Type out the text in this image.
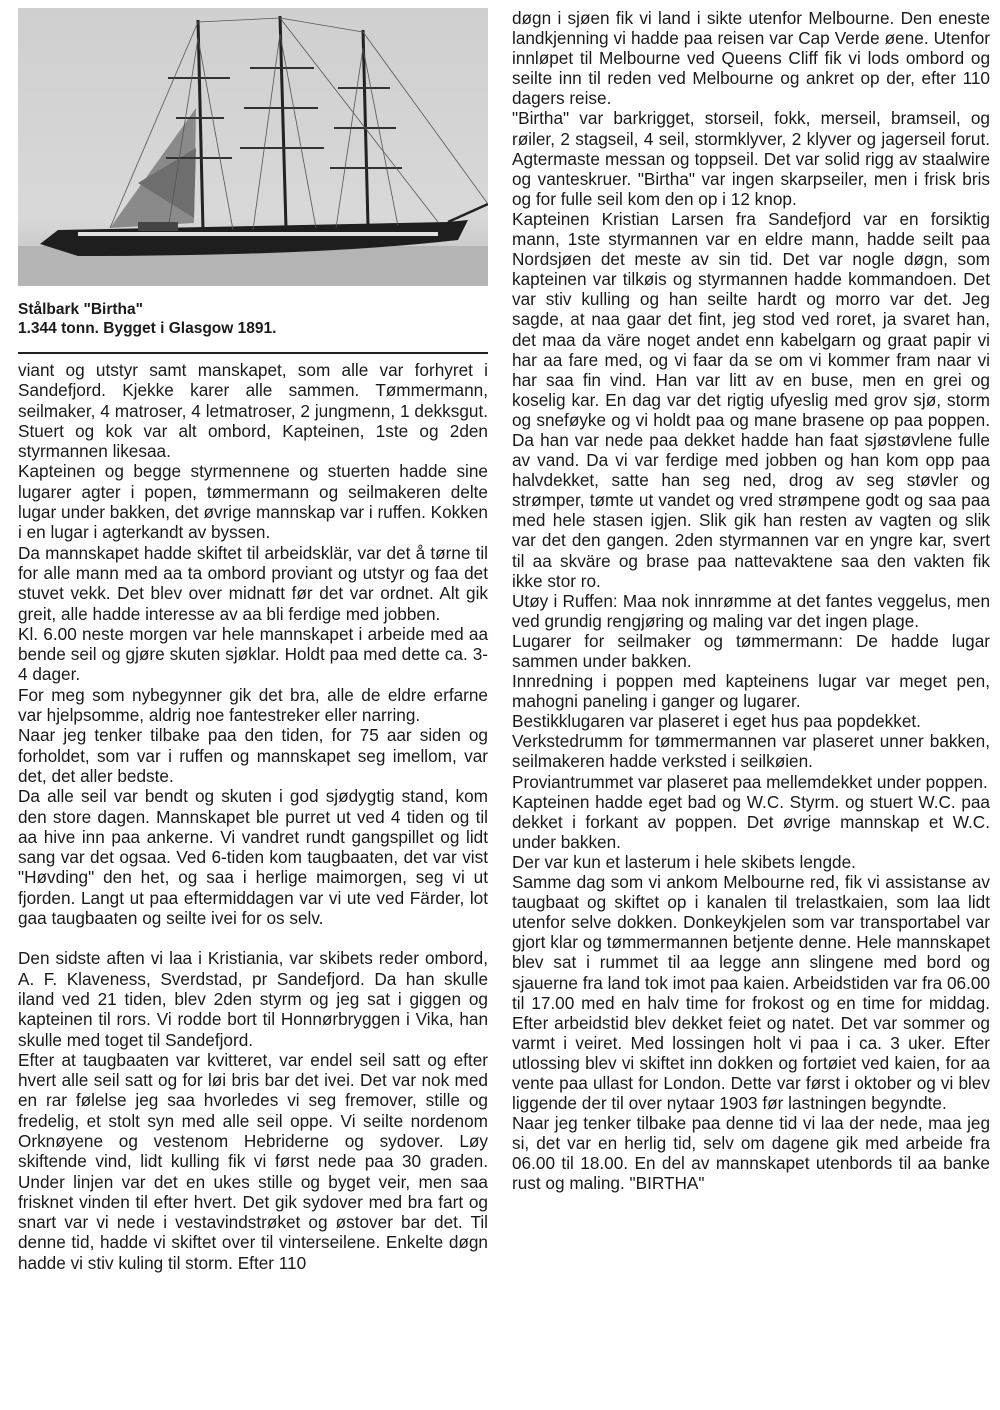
Stålbark "Birtha"
1.344 tonn. Bygget i Glasgow 1891.

viant og utstyr samt manskapet, som alle var forhyret i Sandefjord. Kjekke karer alle sammen. Tømmermann, seilmaker, 4 matroser, 4 letmatroser, 2 jungmenn, 1 dekksgut. Stuert og kok var alt ombord, Kapteinen, 1ste og 2den styrmannen likesaa.

Kapteinen og begge styrmennene og stuerten hadde sine lugarer agter i popen, tømmermann og seilmakeren delte lugar under bakken, det øvrige mannskap var i ruffen. Kokken i en lugar i agterkandt av byssen.

Da mannskapet hadde skiftet til arbeidsklär, var det å tørne til for alle mann med aa ta ombord proviant og utstyr og faa det stuvet vekk. Det blev over midnatt før det var ordnet. Alt gik greit, alle hadde interesse av aa bli ferdige med jobben.

Kl. 6.00 neste morgen var hele mannskapet i arbeide med aa bende seil og gjøre skuten sjøklar. Holdt paa med dette ca. 3-4 dager.

For meg som nybegynner gik det bra, alle de eldre erfarne var hjelpsomme, aldrig noe fantestreker eller narring.

Naar jeg tenker tilbake paa den tiden, for 75 aar siden og forholdet, som var i ruffen og mannskapet seg imellom, var det, det aller bedste.

Da alle seil var bendt og skuten i god sjødygtig stand, kom den store dagen. Mannskapet ble purret ut ved 4 tiden og til aa hive inn paa ankerne. Vi vandret rundt gangspillet og lidt sang var det ogsaa. Ved 6-tiden kom taugbaaten, det var vist "Høvding" den het, og saa i herlige maimorgen, seg vi ut fjorden. Langt ut paa eftermiddagen var vi ute ved Färder, lot gaa taugbaaten og seilte ivei for os selv.

Den sidste aften vi laa i Kristiania, var skibets reder ombord, A. F. Klaveness, Sverdstad, pr Sandefjord. Da han skulle iland ved 21 tiden, blev 2den styrm og jeg sat i giggen og kapteinen til rors. Vi rodde bort til Honnørbryggen i Vika, han skulle med toget til Sandefjord.

Efter at taugbaaten var kvitteret, var endel seil satt og efter hvert alle seil satt og for løi bris bar det ivei. Det var nok med en rar følelse jeg saa hvorledes vi seg fremover, stille og fredelig, et stolt syn med alle seil oppe. Vi seilte nordenom Orknøyene og vestenom Hebriderne og sydover. Løy skiftende vind, lidt kulling fik vi først nede paa 30 graden. Under linjen var det en ukes stille og byget veir, men saa frisknet vinden til efter hvert. Det gik sydover med bra fart og snart var vi nede i vestavindstrøket og østover bar det. Til denne tid, hadde vi skiftet over til vinterseilene. Enkelte døgn hadde vi stiv kuling til storm. Efter 110

døgn i sjøen fik vi land i sikte utenfor Melbourne. Den eneste landkjenning vi hadde paa reisen var Cap Verde øene. Utenfor innløpet til Melbourne ved Queens Cliff fik vi lods ombord og seilte inn til reden ved Melbourne og ankret op der, efter 110 dagers reise.

"Birtha" var barkrigget, storseil, fokk, merseil, bramseil, og røiler, 2 stagseil, 4 seil, stormklyver, 2 klyver og jagerseil forut. Agtermaste messan og toppseil. Det var solid rigg av staalwire og vanteskruer. "Birtha" var ingen skarpseiler, men i frisk bris og for fulle seil kom den op i 12 knop.

Kapteinen Kristian Larsen fra Sandefjord var en forsiktig mann, 1ste styrmannen var en eldre mann, hadde seilt paa Nordsjøen det meste av sin tid. Det var nogle døgn, som kapteinen var tilkøis og styrmannen hadde kommandoen. Det var stiv kulling og han seilte hardt og morro var det. Jeg sagde, at naa gaar det fint, jeg stod ved roret, ja svaret han, det maa da väre noget andet enn kabelgarn og graat papir vi har aa fare med, og vi faar da se om vi kommer fram naar vi har saa fin vind. Han var litt av en buse, men en grei og koselig kar. En dag var det rigtig ufyeslig med grov sjø, storm og sneføyke og vi holdt paa og mane brasene op paa poppen. Da han var nede paa dekket hadde han faat sjøstøvlene fulle av vand. Da vi var ferdige med jobben og han kom opp paa halvdekket, satte han seg ned, drog av seg støvler og strømper, tømte ut vandet og vred strømpene godt og saa paa med hele stasen igjen. Slik gik han resten av vagten og slik var det den gangen. 2den styrmannen var en yngre kar, svert til aa skväre og brase paa nattevaktene saa den vakten fik ikke stor ro.

Utøy i Ruffen: Maa nok innrømme at det fantes veggelus, men ved grundig rengjøring og maling var det ingen plage.

Lugarer for seilmaker og tømmermann: De hadde lugar sammen under bakken.

Innredning i poppen med kapteinens lugar var meget pen, mahogni paneling i ganger og lugarer.

Bestikklugaren var plaseret i eget hus paa popdekket.

Verkstedrumm for tømmermannen var plaseret unner bakken, seilmakeren hadde verksted i seilkøien.

Proviantrummet var plaseret paa mellemdekket under poppen.

Kapteinen hadde eget bad og W.C. Styrm. og stuert W.C. paa dekket i forkant av poppen. Det øvrige mannskap et W.C. under bakken.

Der var kun et lasterum i hele skibets lengde.

Samme dag som vi ankom Melbourne red, fik vi assistanse av taugbaat og skiftet op i kanalen til trelastkaien, som laa lidt utenfor selve dokken. Donkeykjelen som var transportabel var gjort klar og tømmermannen betjente denne. Hele mannskapet blev sat i rummet til aa legge ann slingene med bord og sjauerne fra land tok imot paa kaien. Arbeidstiden var fra 06.00 til 17.00 med en halv time for frokost og en time for middag. Efter arbeidstid blev dekket feiet og natet. Det var sommer og varmt i veiret. Med lossingen holt vi paa i ca. 3 uker. Efter utlossing blev vi skiftet inn dokken og fortøiet ved kaien, for aa vente paa ullast for London. Dette var først i oktober og vi blev liggende der til over nytaar 1903 før lastningen begyndte.

Naar jeg tenker tilbake paa denne tid vi laa der nede, maa jeg si, det var en herlig tid, selv om dagene gik med arbeide fra 06.00 til 18.00. En del av mannskapet utenbords til aa banke rust og maling. "BIRTHA"
